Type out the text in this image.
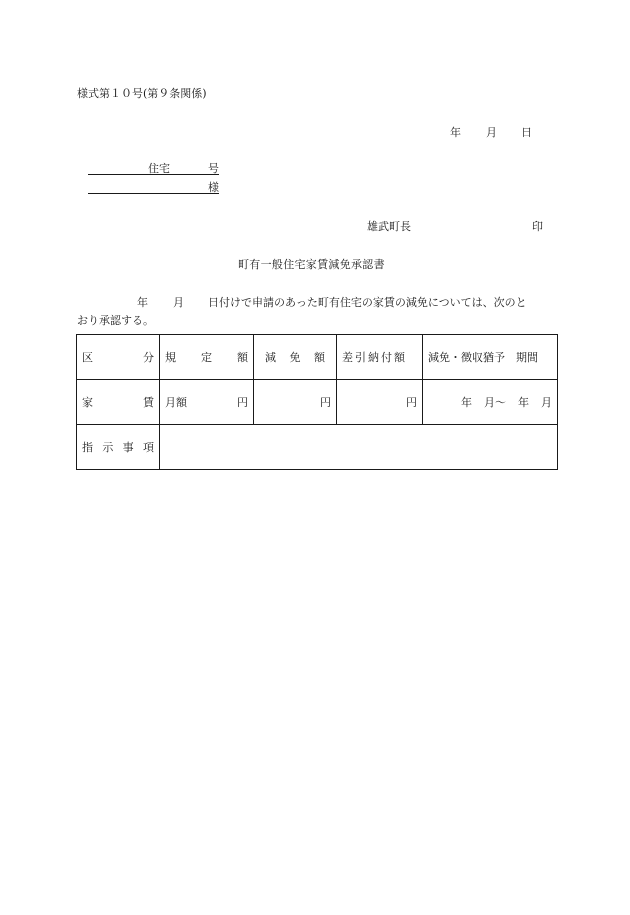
様式第１０号(第９条関係)
年 月 日
住宅	号
様
雄武町長	印
町有一般住宅家賃減免承認書
年 月 日付けで申請のあった町有住宅の家賃の減免については、次のと
おり承認する。
区 分	規 定 額	減 免 額	差引納付額	減免・徴収猶予　期間

家 賃	月額 円	円	円	年 月〜 年 月

指 示 事 項				
